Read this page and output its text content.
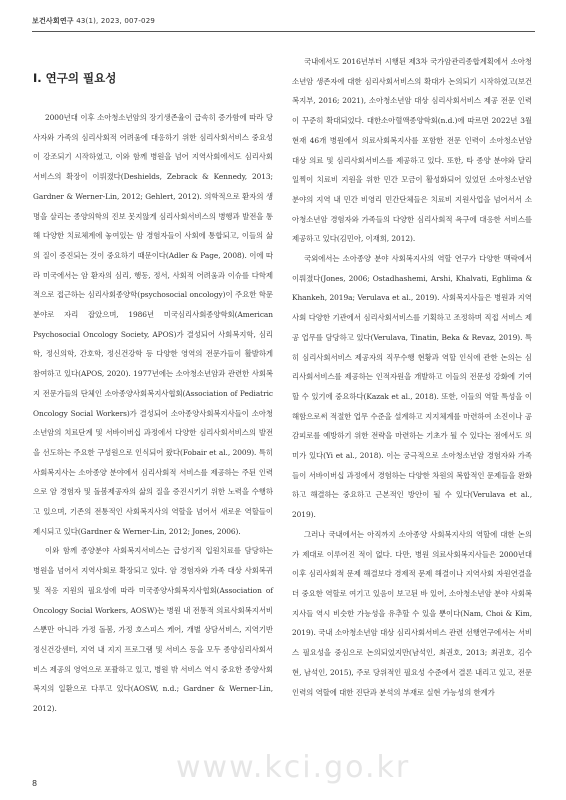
보건사회연구 43(1), 2023, 007-029
Ⅰ. 연구의 필요성

2000년대 이후 소아청소년암의 장기생존율이 급속히 증가함에 따라 당사자와 가족의 심리사회적 어려움에 대응하기 위한 심리사회서비스 중요성이 강조되기 시작하였고, 이와 함께 병원을 넘어 지역사회에서도 심리사회서비스의 확장이 이뤄졌다(Deshields, Zebrack & Kennedy, 2013; Gardner & Werner-Lin, 2012; Gehlert, 2012). 의학적으로 환자의 생명을 살리는 종양의학의 진보 못지않게 심리사회서비스의 병행과 발전을 통해 다양한 치료체계에 놓여있는 암 경험자들이 사회에 통합되고, 이들의 삶의 질이 증진되는 것이 중요하기 때문이다(Adler & Page, 2008). 이에 따라 미국에서는 암 환자의 심리, 행동, 정서, 사회적 어려움과 이슈를 다학제적으로 접근하는 심리사회종양학(psychosocial oncology)이 주요한 학문분야로 자리 잡았으며, 1986년 미국심리사회종양학회(American Psychosocial Oncology Society, APOS)가 결성되어 사회복지학, 심리학, 정신의학, 간호학, 정신건강학 등 다양한 영역의 전문가들이 활발하게 참여하고 있다(APOS, 2020). 1977년에는 소아청소년암과 관련한 사회복지 전문가들의 단체인 소아종양사회복지사협회(Association of Pediatric Oncology Social Workers)가 결성되어 소아종양사회복지사들이 소아청소년암의 치료단계 및 서바이버십 과정에서 다양한 심리사회서비스의 발전을 선도하는 주요한 구성원으로 인식되어 왔다(Fobair et al., 2009). 특히 사회복지사는 소아종양 분야에서 심리사회적 서비스를 제공하는 주된 인력으로 암 경험자 및 돌봄제공자의 삶의 질을 증진시키기 위한 노력을 수행하고 있으며, 기존의 전통적인 사회복지사의 역할을 넘어서 새로운 역할들이 제시되고 있다(Gardner & Werner-Lin, 2012; Jones, 2006).

이와 함께 종양분야 사회복지서비스는 급성기적 입원치료를 담당하는 병원을 넘어서 지역사회로 확장되고 있다. 암 경험자와 가족 대상 사회복귀 및 적응 지원의 필요성에 따라 미국종양사회복지사협회(Association of Oncology Social Workers, AOSW)는 병원 내 전통적 의료사회복지서비스뿐만 아니라 가정 돌봄, 가정 호스피스 케어, 개별 상담서비스, 지역기반 정신건강센터, 지역 내 지지 프로그램 및 서비스 등을 모두 종양심리사회서비스 제공의 영역으로 포괄하고 있고, 병원 밖 서비스 역시 중요한 종양사회복지의 일환으로 다루고 있다(AOSW, n.d.; Gardner & Werner-Lin, 2012).

국내에서도 2016년부터 시행된 제3차 국가암관리종합계획에서 소아청소년암 생존자에 대한 심리사회서비스의 확대가 논의되기 시작하였고(보건복지부, 2016; 2021), 소아청소년암 대상 심리사회서비스 제공 전문 인력이 꾸준히 확대되었다. 대한소아혈액종양학회(n.d.)에 따르면 2022년 3월 현재 46개 병원에서 의료사회복지사를 포함한 전문 인력이 소아청소년암 대상 의료 및 심리사회서비스를 제공하고 있다. 또한, 타 종양 분야와 달리 일찍이 치료비 지원을 위한 민간 모금이 활성화되어 있었던 소아청소년암 분야의 지역 내 민간 비영리 민간단체들은 치료비 지원사업을 넘어서서 소아청소년암 경험자와 가족들의 다양한 심리사회적 욕구에 대응한 서비스를 제공하고 있다(김민아, 이재희, 2012).

국외에서는 소아종양 분야 사회복지사의 역할 연구가 다양한 맥락에서 이뤄졌다(Jones, 2006; Ostadhashemi, Arshi, Khalvati, Eghlima & Khankeh, 2019a; Verulava et al., 2019). 사회복지사들은 병원과 지역사회 다양한 기관에서 심리사회서비스를 기획하고 조정하며 직접 서비스 제공 업무를 담당하고 있다(Verulava, Tinatin, Beka & Revaz, 2019). 특히 심리사회서비스 제공자의 직무수행 현황과 역할 인식에 관한 논의는 심리사회서비스를 제공하는 인적자원을 개발하고 이들의 전문성 강화에 기여할 수 있기에 중요하다(Kazak et al., 2018). 또한, 이들의 역할 특성을 이해함으로써 적절한 업무 수준을 설계하고 지지체계를 마련하여 소진이나 공감피로를 예방하기 위한 전략을 마련하는 기초가 될 수 있다는 점에서도 의미가 있다(Yi et al., 2018). 이는 궁극적으로 소아청소년암 경험자와 가족들이 서바이버십 과정에서 경험하는 다양한 차원의 복합적인 문제들을 완화하고 해결하는 중요하고 근본적인 방안이 될 수 있다(Verulava et al., 2019).

그러나 국내에서는 아직까지 소아종양 사회복지사의 역할에 대한 논의가 제대로 이루어진 적이 없다. 다만, 병원 의료사회복지사들은 2000년대 이후 심리사회적 문제 해결보다 경제적 문제 해결이나 지역사회 자원연결을 더 중요한 역할로 여기고 있음이 보고된 바 있어, 소아청소년암 분야 사회복지사들 역시 비슷한 가능성을 유추할 수 있을 뿐이다(Nam, Choi & Kim, 2019). 국내 소아청소년암 대상 심리사회서비스 관련 선행연구에서는 서비스 필요성을 중심으로 논의되었지만(남석인, 최권호, 2013; 최권호, 김수현, 남석인, 2015), 주로 당위적인 필요성 수준에서 결론 내리고 있고, 전문 인력의 역할에 대한 진단과 분석의 부재로 실현 가능성의 한계가

www.kci.go.kr
8
